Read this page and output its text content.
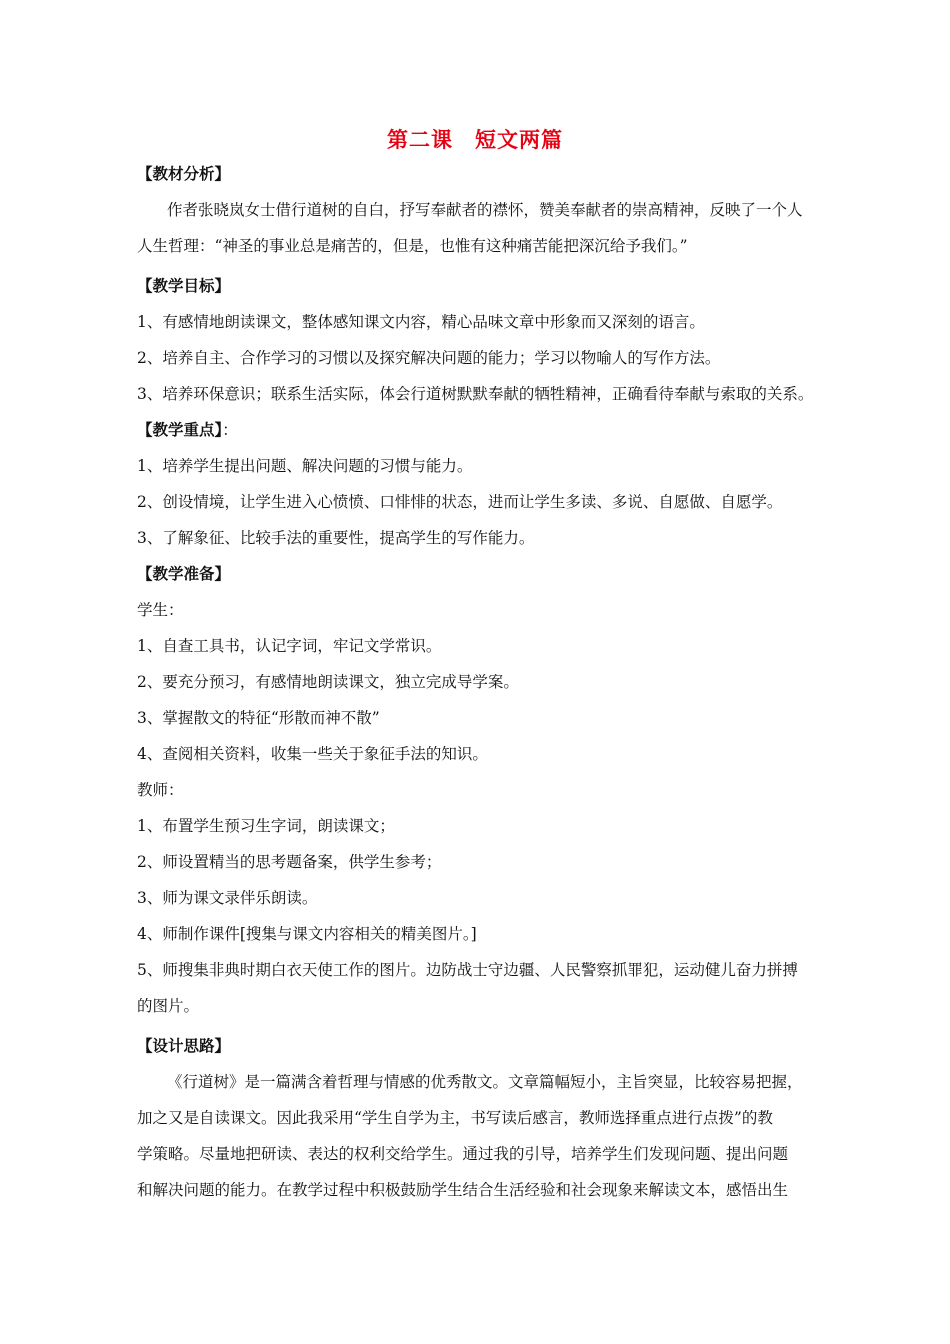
第二课　短文两篇
【教材分析】
作者张晓岚女士借行道树的自白，抒写奉献者的襟怀，赞美奉献者的崇高精神，反映了一个人
人生哲理：“神圣的事业总是痛苦的，但是，也惟有这种痛苦能把深沉给予我们。”
【教学目标】
1、有感情地朗读课文，整体感知课文内容，精心品味文章中形象而又深刻的语言。
2、培养自主、合作学习的习惯以及探究解决问题的能力；学习以物喻人的写作方法。
3、培养环保意识；联系生活实际，体会行道树默默奉献的牺牲精神，正确看待奉献与索取的关系。
【教学重点】：
1、培养学生提出问题、解决问题的习惯与能力。
2、创设情境，让学生进入心愤愤、口悱悱的状态，进而让学生多读、多说、自愿做、自愿学。
3、了解象征、比较手法的重要性，提高学生的写作能力。
【教学准备】
学生：
1、自查工具书，认记字词，牢记文学常识。
2、要充分预习，有感情地朗读课文，独立完成导学案。
3、掌握散文的特征“形散而神不散”
4、查阅相关资料，收集一些关于象征手法的知识。
教师：
1、布置学生预习生字词，朗读课文；
2、师设置精当的思考题备案，供学生参考；
3、师为课文录伴乐朗读。
4、师制作课件[搜集与课文内容相关的精美图片。]
5、师搜集非典时期白衣天使工作的图片。边防战士守边疆、人民警察抓罪犯，运动健儿奋力拼搏
的图片。
【设计思路】
《行道树》是一篇满含着哲理与情感的优秀散文。文章篇幅短小，主旨突显，比较容易把握，
加之又是自读课文。因此我采用“学生自学为主，书写读后感言，教师选择重点进行点拨”的教
学策略。尽量地把研读、表达的权利交给学生。通过我的引导，培养学生们发现问题、提出问题
和解决问题的能力。在教学过程中积极鼓励学生结合生活经验和社会现象来解读文本，感悟出生
